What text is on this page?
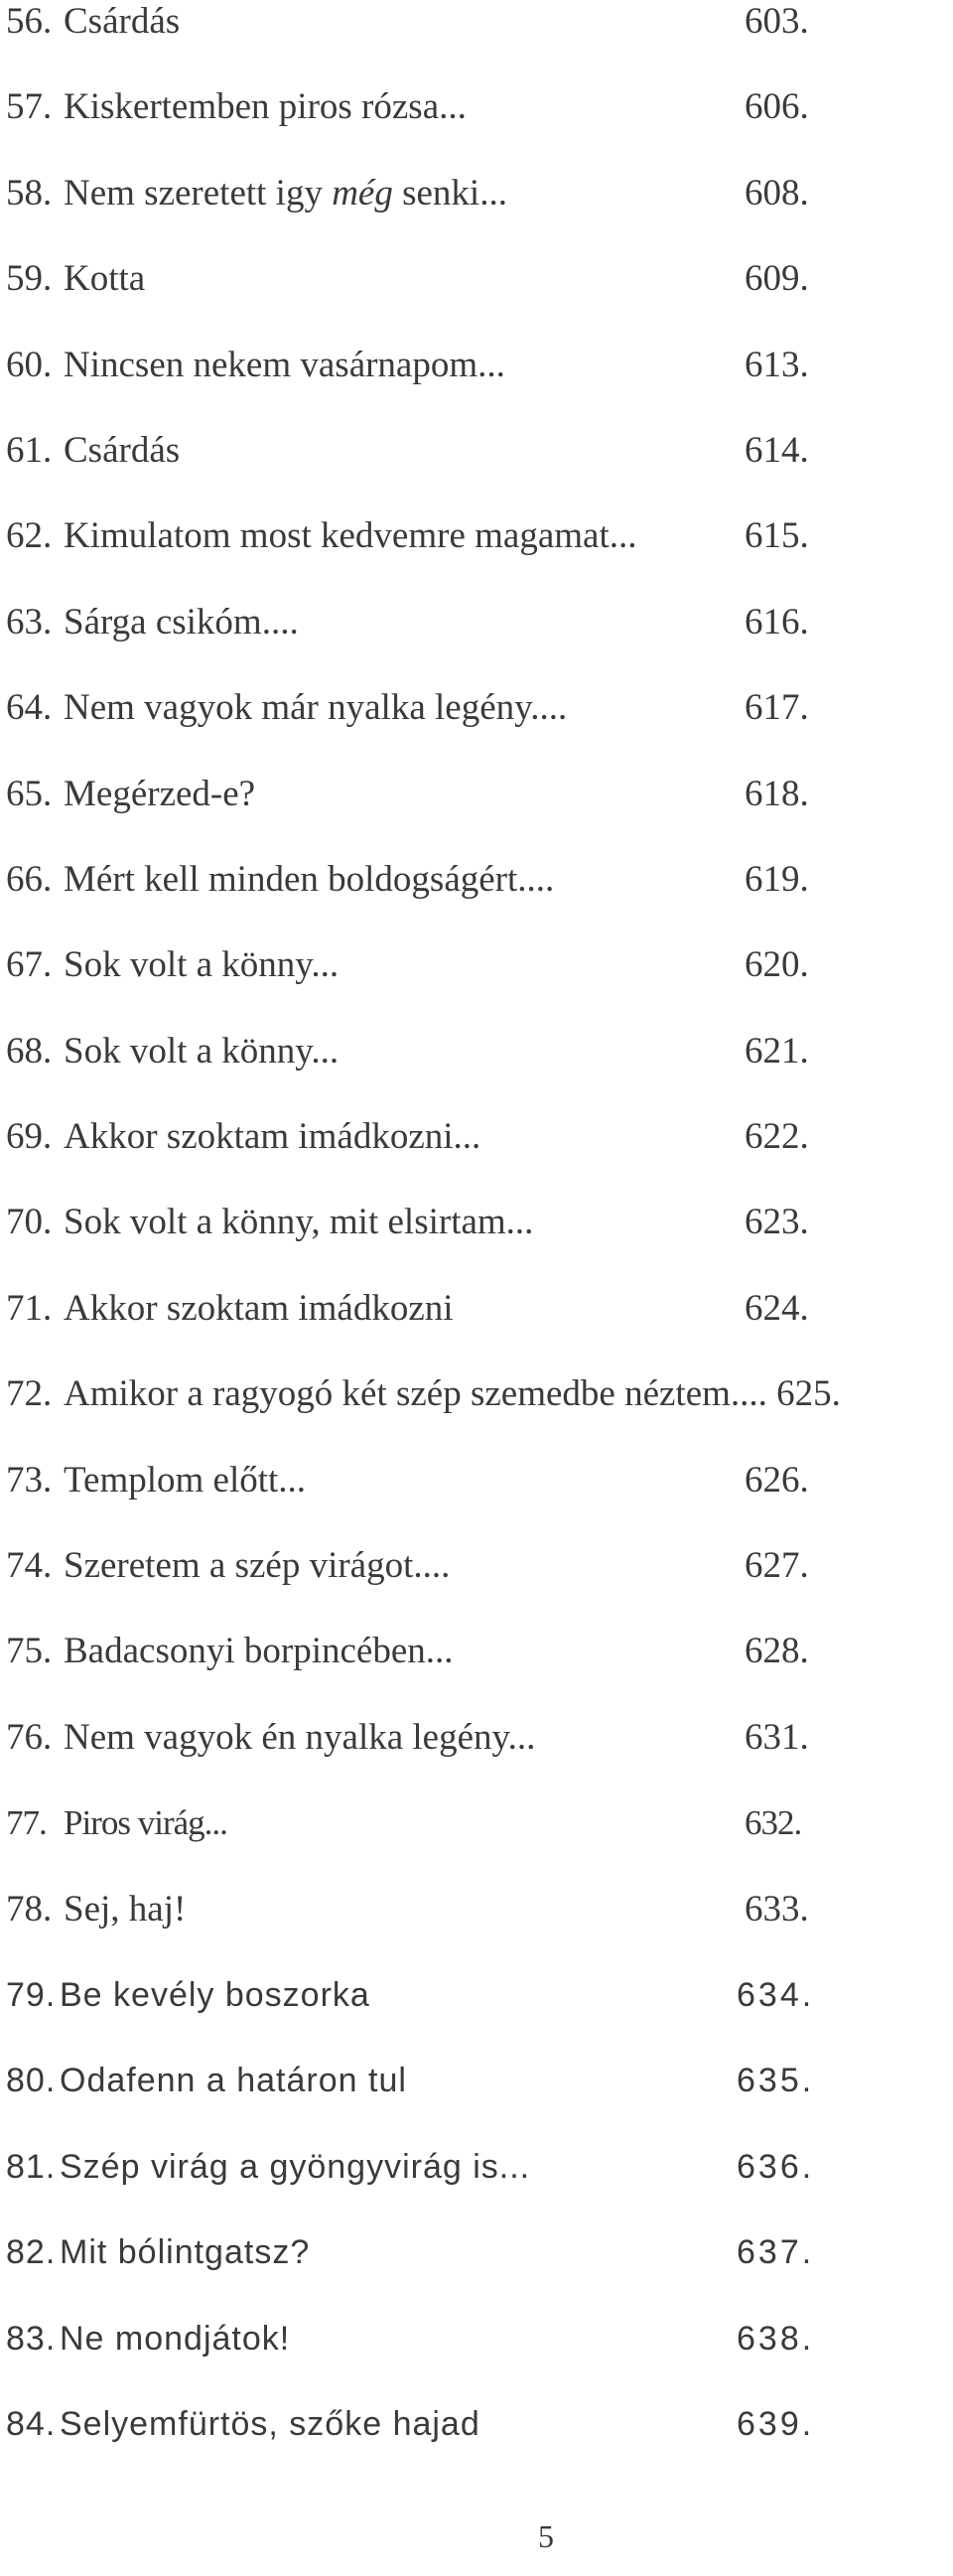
56. Csárdás	603.
57. Kiskertemben piros rózsa...	606.
58. Nem szeretett igy még senki...	608.
59. Kotta	609.
60. Nincsen nekem vasárnapom...	613.
61. Csárdás	614.
62. Kimulatom most kedvemre magamat...	615.
63. Sárga csikóm....	616.
64. Nem vagyok már nyalka legény....	617.
65. Megérzed-e?	618.
66. Mért kell minden boldogságért....	619.
67. Sok volt a könny...	620.
68. Sok volt a könny...	621.
69. Akkor szoktam imádkozni...	622.
70. Sok volt a könny, mit elsirtam...	623.
71. Akkor szoktam imádkozni	624.
72. Amikor a ragyogó két szép szemedbe néztem.... 625.
73. Templom előtt...	626.
74. Szeretem a szép virágot....	627.
75. Badacsonyi borpincében...	628.
76. Nem vagyok én nyalka legény...	631.
77. Piros virág...	632.
78. Sej, haj!	633.
79. Be kevély boszorka	634.
80. Odafenn a határon tul	635.
81. Szép virág a gyöngyvirág is...	636.
82. Mit bólintgatsz?	637.
83. Ne mondjátok!	638.
84. Selyemfürtös, szőke hajad	639.
5
